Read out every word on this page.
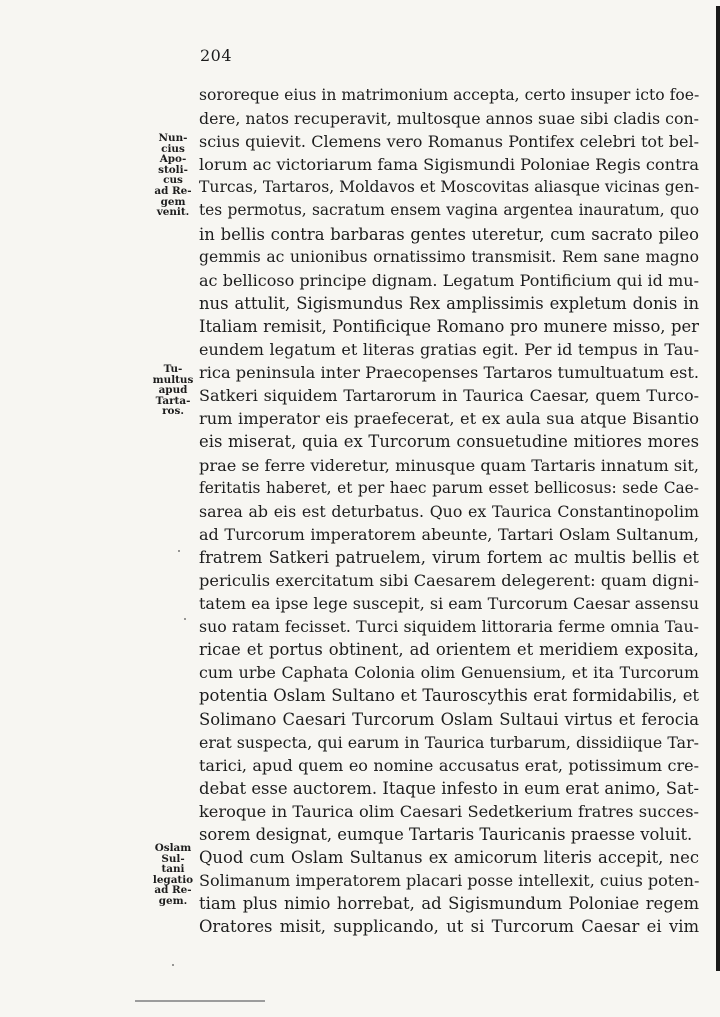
204
Nun-
cius
Apo-
stoli-
cus
ad Re-
gem
venit.
Tu-
multus
apud
Tarta-
ros.
Oslam
Sul-
tani
legatio
ad Re-
gem.
sororeque eius in matrimonium accepta, certo insuper icto foe-
dere, natos recuperavit, multosque annos suae sibi cladis con-
scius quievit. Clemens vero Romanus Pontifex celebri tot bel-
lorum ac victoriarum fama Sigismundi Poloniae Regis contra
Turcas, Tartaros, Moldavos et Moscovitas aliasque vicinas gen-
tes permotus, sacratum ensem vagina argentea inauratum, quo
in bellis contra barbaras gentes uteretur, cum sacrato pileo
gemmis ac unionibus ornatissimo transmisit. Rem sane magno
ac bellicoso principe dignam. Legatum Pontificium qui id mu-
nus attulit, Sigismundus Rex amplissimis expletum donis in
Italiam remisit, Pontificique Romano pro munere misso, per
eundem legatum et literas gratias egit. Per id tempus in Tau-
rica peninsula inter Praecopenses Tartaros tumultuatum est.
Satkeri siquidem Tartarorum in Taurica Caesar, quem Turco-
rum imperator eis praefecerat, et ex aula sua atque Bisantio
eis miserat, quia ex Turcorum consuetudine mitiores mores
prae se ferre videretur, minusque quam Tartaris innatum sit,
feritatis haberet, et per haec parum esset bellicosus: sede Cae-
sarea ab eis est deturbatus. Quo ex Taurica Constantinopolim
ad Turcorum imperatorem abeunte, Tartari Oslam Sultanum,
fratrem Satkeri patruelem, virum fortem ac multis bellis et
periculis exercitatum sibi Caesarem delegerent: quam digni-
tatem ea ipse lege suscepit, si eam Turcorum Caesar assensu
suo ratam fecisset. Turci siquidem littoraria ferme omnia Tau-
ricae et portus obtinent, ad orientem et meridiem exposita,
cum urbe Caphata Colonia olim Genuensium, et ita Turcorum
potentia Oslam Sultano et Tauroscythis erat formidabilis, et
Solimano Caesari Turcorum Oslam Sultaui virtus et ferocia
erat suspecta, qui earum in Taurica turbarum, dissidiique Tar-
tarici, apud quem eo nomine accusatus erat, potissimum cre-
debat esse auctorem. Itaque infesto in eum erat animo, Sat-
keroque in Taurica olim Caesari Sedetkerium fratres succes-
sorem designat, eumque Tartaris Tauricanis praesse voluit.
Quod cum Oslam Sultanus ex amicorum literis accepit, nec
Solimanum imperatorem placari posse intellexit, cuius poten-
tiam plus nimio horrebat, ad Sigismundum Poloniae regem
Oratores misit, supplicando, ut si Turcorum Caesar ei vim
